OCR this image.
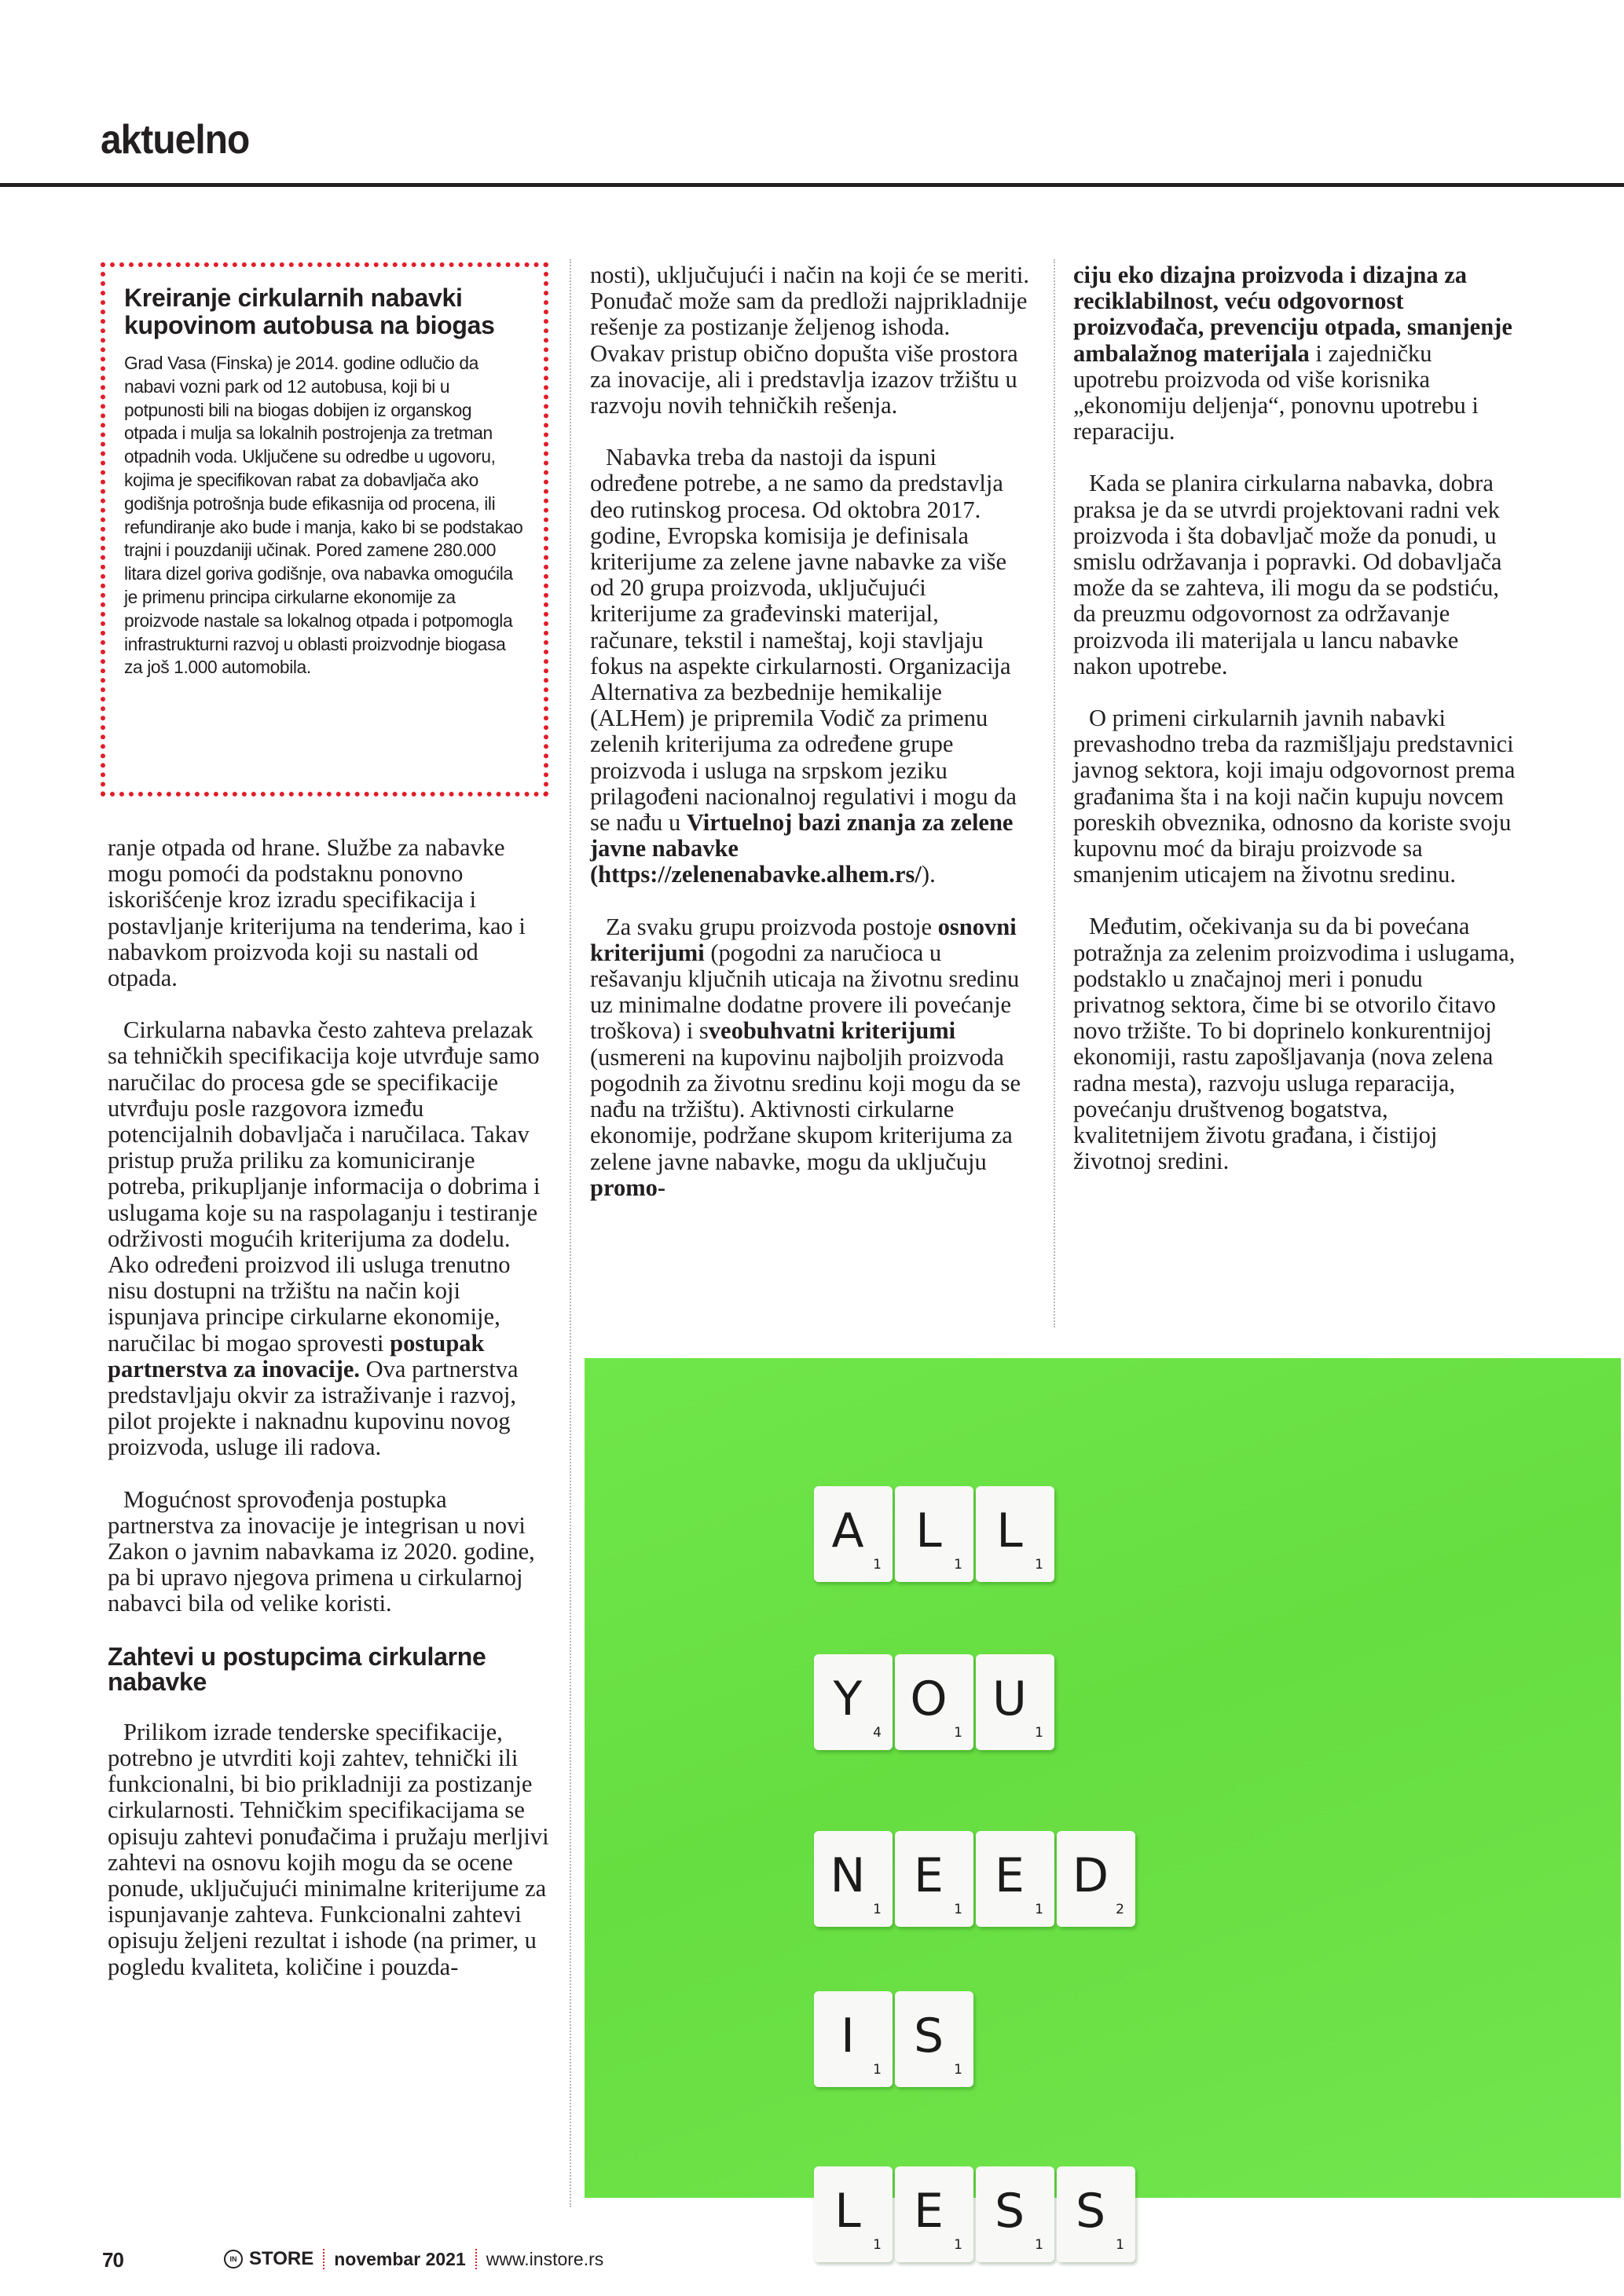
aktuelno
Kreiranje cirkularnih nabavki kupovinom autobusa na biogas
Grad Vasa (Finska) je 2014. godine odlučio da nabavi vozni park od 12 autobusa, koji bi u potpunosti bili na biogas dobijen iz organskog otpada i mulja sa lokalnih postrojenja za tretman otpadnih voda. Uključene su odredbe u ugovoru, kojima je specifikovan rabat za dobavljača ako godišnja potrošnja bude efikasnija od procena, ili refundiranje ako bude i manja, kako bi se podstakao trajni i pouzdaniji učinak. Pored zamene 280.000 litara dizel goriva godišnje, ova nabavka omogućila je primenu principa cirkularne ekonomije za proizvode nastale sa lokalnog otpada i potpomogla infrastrukturni razvoj u oblasti proizvodnje biogasa za još 1.000 automobila.

ranje otpada od hrane. Službe za nabavke mogu pomoći da podstaknu ponovno iskorišćenje kroz izradu specifikacija i postavljanje kriterijuma na tenderima, kao i nabavkom proizvoda koji su nastali od otpada.

Cirkularna nabavka često zahteva prelazak sa tehničkih specifikacija koje utvrđuje samo naručilac do procesa gde se specifikacije utvrđuju posle razgovora između potencijalnih dobavljača i naručilaca. Takav pristup pruža priliku za komuniciranje potreba, prikupljanje informacija o dobrima i uslugama koje su na raspolaganju i testiranje održivosti mogućih kriterijuma za dodelu. Ako određeni proizvod ili usluga trenutno nisu dostupni na tržištu na način koji ispunjava principe cirkularne ekonomije, naručilac bi mogao sprovesti postupak partnerstva za inovacije. Ova partnerstva predstavljaju okvir za istraživanje i razvoj, pilot projekte i naknadnu kupovinu novog proizvoda, usluge ili radova.

Mogućnost sprovođenja postupka partnerstva za inovacije je integrisan u novi Zakon o javnim nabavkama iz 2020. godine, pa bi upravo njegova primena u cirkularnoj nabavci bila od velike koristi.

Zahtevi u postupcima cirkularne nabavke

Prilikom izrade tenderske specifikacije, potrebno je utvrditi koji zahtev, tehnički ili funkcionalni, bi bio prikladniji za postizanje cirkularnosti. Tehničkim specifikacijama se opisuju zahtevi ponuđačima i pružaju merljivi zahtevi na osnovu kojih mogu da se ocene ponude, uključujući minimalne kriterijume za ispunjavanje zahteva. Funkcionalni zahtevi opisuju željeni rezultat i ishode (na primer, u pogledu kvaliteta, količine i pouzda-

nosti), uključujući i način na koji će se meriti. Ponuđač može sam da predloži najprikladnije rešenje za postizanje željenog ishoda. Ovakav pristup obično dopušta više prostora za inovacije, ali i predstavlja izazov tržištu u razvoju novih tehničkih rešenja.

Nabavka treba da nastoji da ispuni određene potrebe, a ne samo da predstavlja deo rutinskog procesa. Od oktobra 2017. godine, Evropska komisija je definisala kriterijume za zelene javne nabavke za više od 20 grupa proizvoda, uključujući kriterijume za građevinski materijal, računare, tekstil i nameštaj, koji stavljaju fokus na aspekte cirkularnosti. Organizacija Alternativa za bezbednije hemikalije (ALHem) je pripremila Vodič za primenu zelenih kriterijuma za određene grupe proizvoda i usluga na srpskom jeziku prilagođeni nacionalnoj regulativi i mogu da se nađu u Virtuelnoj bazi znanja za zelene javne nabavke (https://zelenenabavke.alhem.rs/).

Za svaku grupu proizvoda postoje osnovni kriterijumi (pogodni za naručioca u rešavanju ključnih uticaja na životnu sredinu uz minimalne dodatne provere ili povećanje troškova) i sveobuhvatni kriterijumi (usmereni na kupovinu najboljih proizvoda pogodnih za životnu sredinu koji mogu da se nađu na tržištu). Aktivnosti cirkularne ekonomije, podržane skupom kriterijuma za zelene javne nabavke, mogu da uključuju promo-

ciju eko dizajna proizvoda i dizajna za reciklabilnost, veću odgovornost proizvođača, prevenciju otpada, smanjenje ambalažnog materijala i zajedničku upotrebu proizvoda od više korisnika „ekonomiju deljenja“, ponovnu upotrebu i reparaciju.

Kada se planira cirkularna nabavka, dobra praksa je da se utvrdi projektovani radni vek proizvoda i šta dobavljač može da ponudi, u smislu održavanja i popravki. Od dobavljača može da se zahteva, ili mogu da se podstiću, da preuzmu odgovornost za održavanje proizvoda ili materijala u lancu nabavke nakon upotrebe.

O primeni cirkularnih javnih nabavki prevashodno treba da razmišljaju predstavnici javnog sektora, koji imaju odgovornost prema građanima šta i na koji način kupuju novcem poreskih obveznika, odnosno da koriste svoju kupovnu moć da biraju proizvode sa smanjenim uticajem na životnu sredinu.

Međutim, očekivanja su da bi povećana potražnja za zelenim proizvodima i uslugama, podstaklo u značajnoj meri i ponudu privatnog sektora, čime bi se otvorilo čitavo novo tržište. To bi doprinelo konkurentnijoj ekonomiji, rastu zapošljavanja (nova zelena radna mesta), razvoju usluga reparacija, povećanju društvenog bogatstva, kvalitetnijem životu građana, i čistijoj životnoj sredini.

A
1
L
1
L
1
Y
4
O
1
U
1
N
1
E
1
E
1
D
2
I
1
S
1
L
1
E
1
S
1
S
1
70	IN STORE novembar 2021 www.instore.rs
